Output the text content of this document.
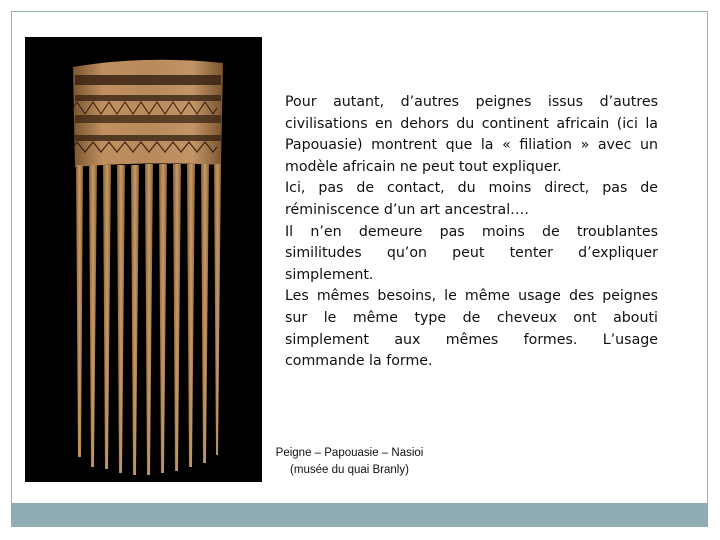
Pour autant, d’autres peignes issus d’autres civilisations en dehors du continent africain (ici la Papouasie) montrent que la « filiation » avec un modèle africain ne peut tout expliquer.

Ici, pas de contact, du moins direct, pas de réminiscence d’un art ancestral….

Il n’en demeure pas moins de troublantes similitudes qu’on peut tenter d’expliquer simplement.

Les mêmes besoins, le même usage des peignes sur le même type de cheveux ont abouti simplement aux mêmes formes. L’usage commande la forme.

Peigne – Papouasie – Nasioi
(musée du quai Branly)
